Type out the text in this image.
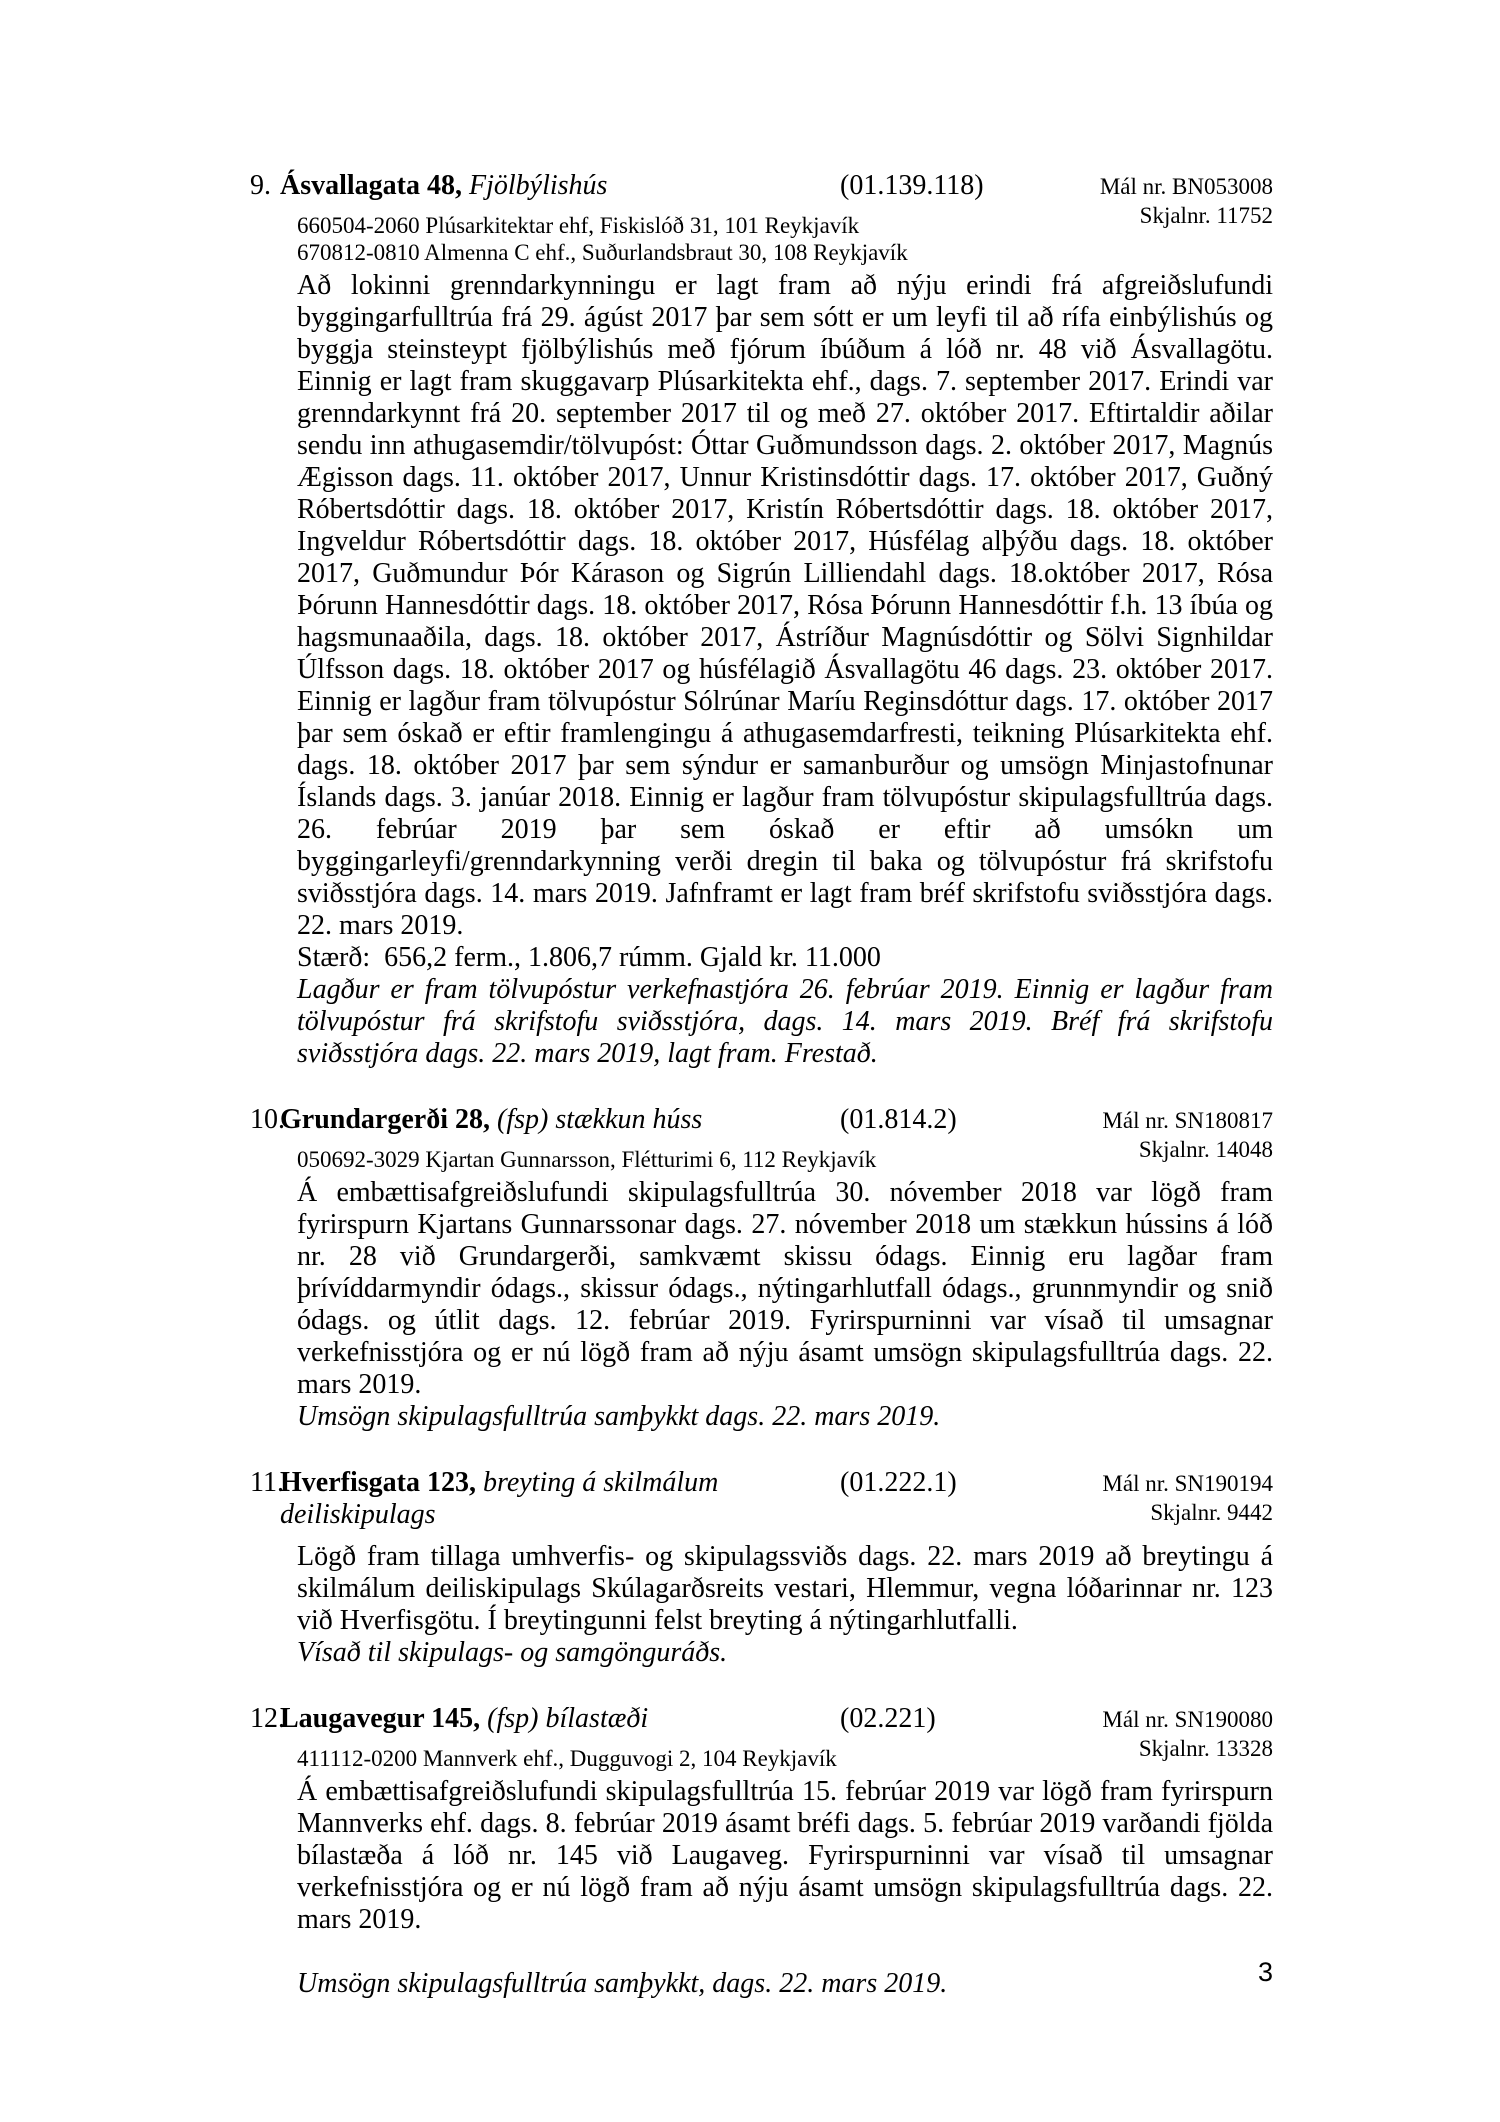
9. Ásvallagata 48, Fjölbýlishús	(01.139.118)	Mál nr. BN053008
Skjalnr. 11752
660504-2060 Plúsarkitektar ehf, Fiskislóð 31, 101 Reykjavík
670812-0810 Almenna C ehf., Suðurlandsbraut 30, 108 Reykjavík

Að lokinni grenndarkynningu er lagt fram að nýju erindi frá afgreiðslufundi byggingarfulltrúa frá 29. ágúst 2017 þar sem sótt er um leyfi til að rífa einbýlishús og byggja steinsteypt fjölbýlishús með fjórum íbúðum á lóð nr. 48 við Ásvallagötu. Einnig er lagt fram skuggavarp Plúsarkitekta ehf., dags. 7. september 2017. Erindi var grenndarkynnt frá 20. september 2017 til og með 27. október 2017. Eftirtaldir aðilar sendu inn athugasemdir/tölvupóst: Óttar Guðmundsson dags. 2. október 2017, Magnús Ægisson dags. 11. október 2017, Unnur Kristinsdóttir dags. 17. október 2017, Guðný Róbertsdóttir dags. 18. október 2017, Kristín Róbertsdóttir dags. 18. október 2017, Ingveldur Róbertsdóttir dags. 18. október 2017, Húsfélag alþýðu dags. 18. október 2017, Guðmundur Þór Kárason og Sigrún Lilliendahl dags. 18.október 2017, Rósa Þórunn Hannesdóttir dags. 18. október 2017, Rósa Þórunn Hannesdóttir f.h. 13 íbúa og hagsmunaaðila, dags. 18. október 2017, Ástríður Magnúsdóttir og Sölvi Signhildar Úlfsson dags. 18. október 2017 og húsfélagið Ásvallagötu 46 dags. 23. október 2017. Einnig er lagður fram tölvupóstur Sólrúnar Maríu Reginsdóttur dags. 17. október 2017 þar sem óskað er eftir framlengingu á athugasemdarfresti, teikning Plúsarkitekta ehf. dags. 18. október 2017 þar sem sýndur er samanburður og umsögn Minjastofnunar Íslands dags. 3. janúar 2018. Einnig er lagður fram tölvupóstur skipulagsfulltrúa dags. 26. febrúar 2019 þar sem óskað er eftir að umsókn um byggingarleyfi/grenndarkynning verði dregin til baka og tölvupóstur frá skrifstofu sviðsstjóra dags. 14. mars 2019. Jafnframt er lagt fram bréf skrifstofu sviðsstjóra dags. 22. mars 2019.

Stærð:  656,2 ferm., 1.806,7 rúmm. Gjald kr. 11.000

Lagður er fram tölvupóstur verkefnastjóra 26. febrúar 2019. Einnig er lagður fram tölvupóstur frá skrifstofu sviðsstjóra, dags. 14. mars 2019. Bréf frá skrifstofu sviðsstjóra dags. 22. mars 2019, lagt fram. Frestað.

10.
Grundargerði 28, (fsp) stækkun húss	(01.814.2)	Mál nr. SN180817
Skjalnr. 14048
050692-3029 Kjartan Gunnarsson, Flétturimi 6, 112 Reykjavík

Á embættisafgreiðslufundi skipulagsfulltrúa 30. nóvember 2018 var lögð fram fyrirspurn Kjartans Gunnarssonar dags. 27. nóvember 2018 um stækkun hússins á lóð nr. 28 við Grundargerði, samkvæmt skissu ódags. Einnig eru lagðar fram þrívíddarmyndir ódags., skissur ódags., nýtingarhlutfall ódags., grunnmyndir og snið ódags. og útlit dags. 12. febrúar 2019. Fyrirspurninni var vísað til umsagnar verkefnisstjóra og er nú lögð fram að nýju ásamt umsögn skipulagsfulltrúa dags. 22. mars 2019.

Umsögn skipulagsfulltrúa samþykkt dags. 22. mars 2019.

11.
Hverfisgata 123, breyting á skilmálum deiliskipulags
(01.222.1)	Mál nr. SN190194
Skjalnr. 9442

Lögð fram tillaga umhverfis- og skipulagssviðs dags. 22. mars 2019 að breytingu á skilmálum deiliskipulags Skúlagarðsreits vestari, Hlemmur, vegna lóðarinnar nr. 123 við Hverfisgötu. Í breytingunni felst breyting á nýtingarhlutfalli.

Vísað til skipulags- og samgönguráðs.

12.
Laugavegur 145, (fsp) bílastæði	(02.221)	Mál nr. SN190080
Skjalnr. 13328
411112-0200 Mannverk ehf., Dugguvogi 2, 104 Reykjavík

Á embættisafgreiðslufundi skipulagsfulltrúa 15. febrúar 2019 var lögð fram fyrirspurn Mannverks ehf. dags. 8. febrúar 2019 ásamt bréfi dags. 5. febrúar 2019 varðandi fjölda bílastæða á lóð nr. 145 við Laugaveg. Fyrirspurninni var vísað til umsagnar verkefnisstjóra og er nú lögð fram að nýju ásamt umsögn skipulagsfulltrúa dags. 22. mars 2019.

Umsögn skipulagsfulltrúa samþykkt, dags. 22. mars 2019.	3
